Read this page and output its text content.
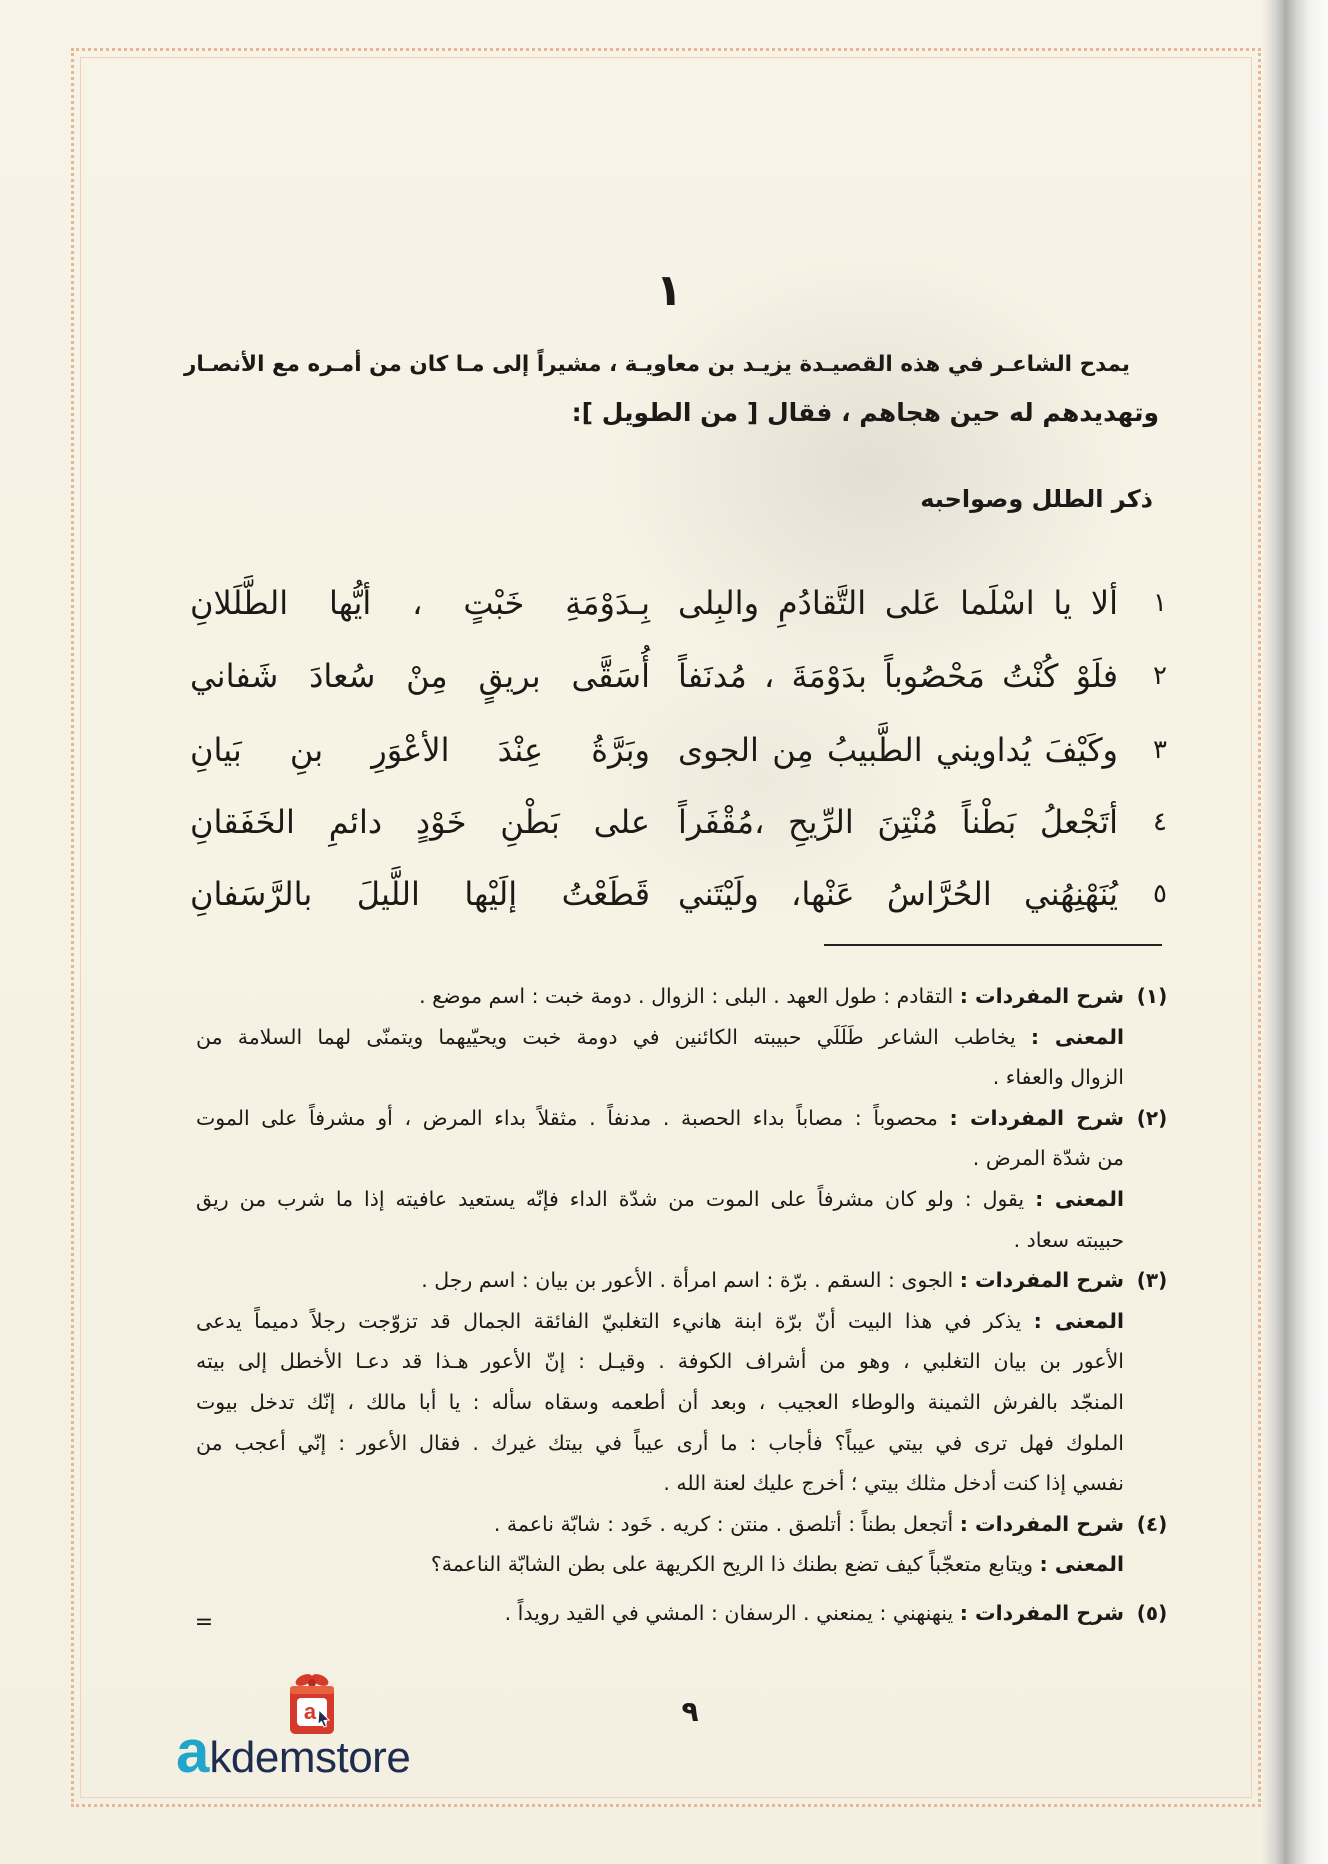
١
يمدح الشاعـر في هذه القصيـدة يزيـد بن معاويـة ، مشيراً إلى مـا كان من أمـره مع الأنصـار
وتهديدهم له حين هجاهم ، فقال [ من الطويل ]:
ذكر الطلل وصواحبه
١
ألا يا اسْلَما عَلى التَّقادُمِ والبِلى
بِـدَوْمَةِ خَبْتٍ ، أيُّها الطَّلَلانِ
٢
فلَوْ كُنْتُ مَحْصُوباً بدَوْمَةَ ، مُدنَفاً
أُسَقَّى بريقٍ مِنْ سُعادَ شَفاني
٣
وكَيْفَ يُداويني الطَّبيبُ مِن الجوى
وبَرَّةُ عِنْدَ الأعْوَرِ بنِ بَيانِ
٤
أتَجْعلُ بَطْناً مُنْتِنَ الرِّيحِ ،مُقْفَراً
على بَطْنِ خَوْدٍ دائمِ الخَفَقانِ
٥
يُنَهْنِهُني الحُرَّاسُ عَنْها، ولَيْتَني
قَطَعْتُ إلَيْها اللَّيلَ بالرَّسَفانِ
(١)
شرح المفردات : التقادم : طول العهد . البلى : الزوال . دومة خبت : اسم موضع .
المعنى : يخاطب الشاعر طَلَلَي حبيبته الكائنين في دومة خبت ويحيّيهما ويتمنّى لهما السلامة من
الزوال والعفاء .
(٢)
شرح المفردات : محصوباً : مصاباً بداء الحصبة . مدنفاً . مثقلاً بداء المرض ، أو مشرفاً على الموت
من شدّة المرض .
المعنى : يقول : ولو كان مشرفاً على الموت من شدّة الداء فإنّه يستعيد عافيته إذا ما شرب من ريق
حبيبته سعاد .
(٣)
شرح المفردات : الجوى : السقم . برّة : اسم امرأة . الأعور بن بيان : اسم رجل .
المعنى : يذكر في هذا البيت أنّ برّة ابنة هانيء التغلبيّ الفائقة الجمال قد تزوّجت رجلاً دميماً يدعى
الأعور بن بيان التغلبي ، وهو من أشراف الكوفة . وقيـل : إنّ الأعور هـذا قد دعـا الأخطل إلى بيته
المنجّد بالفرش الثمينة والوطاء العجيب ، وبعد أن أطعمه وسقاه سأله : يا أبا مالك ، إنّك تدخل بيوت
الملوك فهل ترى في بيتي عيباً؟ فأجاب : ما أرى عيباً في بيتك غيرك . فقال الأعور : إنّي أعجب من
نفسي إذا كنت أدخل مثلك بيتي ؛ أخرج عليك لعنة الله .
(٤)
شرح المفردات : أتجعل بطناً : أتلصق . منتن : كريه . خَود : شابّة ناعمة .
المعنى : ويتابع متعجّباً كيف تضع بطنك ذا الريح الكريهة على بطن الشابّة الناعمة؟
(٥)
شرح المفردات : ينهنهني : يمنعني . الرسفان : المشي في القيد رويداً .
=
٩
a
akdemstore
